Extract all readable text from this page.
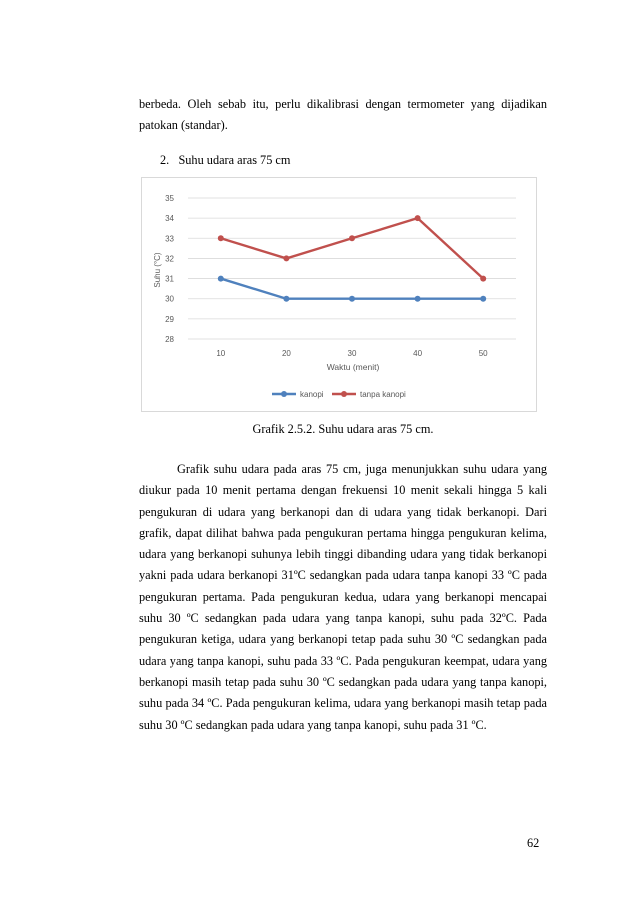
berbeda. Oleh sebab itu, perlu dikalibrasi dengan termometer yang dijadikan patokan (standar).

2.   Suhu udara aras 75 cm
28
29
30
31
32
33
34
35
10	20	30	40	50
Suhu (°C)
Waktu (menit)
kanopi	tanpa kanopi
Grafik 2.5.2. Suhu udara aras 75 cm.

Grafik suhu udara pada aras 75 cm, juga menunjukkan suhu udara yang diukur pada 10 menit pertama dengan frekuensi 10 menit sekali hingga 5 kali pengukuran di udara yang berkanopi dan di udara yang tidak berkanopi. Dari grafik, dapat dilihat bahwa pada pengukuran pertama hingga pengukuran kelima, udara yang berkanopi suhunya lebih tinggi dibanding udara yang tidak berkanopi yakni pada udara berkanopi 31ºC sedangkan pada udara tanpa kanopi 33 ºC pada pengukuran pertama. Pada pengukuran kedua, udara yang berkanopi mencapai suhu 30 ºC sedangkan pada udara yang tanpa kanopi, suhu pada 32ºC. Pada pengukuran ketiga, udara yang berkanopi tetap pada suhu 30 ºC sedangkan pada udara yang tanpa kanopi, suhu pada 33 ºC. Pada pengukuran keempat, udara yang berkanopi masih tetap pada suhu 30 ºC sedangkan pada udara yang tanpa kanopi, suhu pada 34 ºC. Pada pengukuran kelima, udara yang berkanopi masih tetap pada suhu 30 ºC sedangkan pada udara yang tanpa kanopi, suhu pada 31 ºC.

62
